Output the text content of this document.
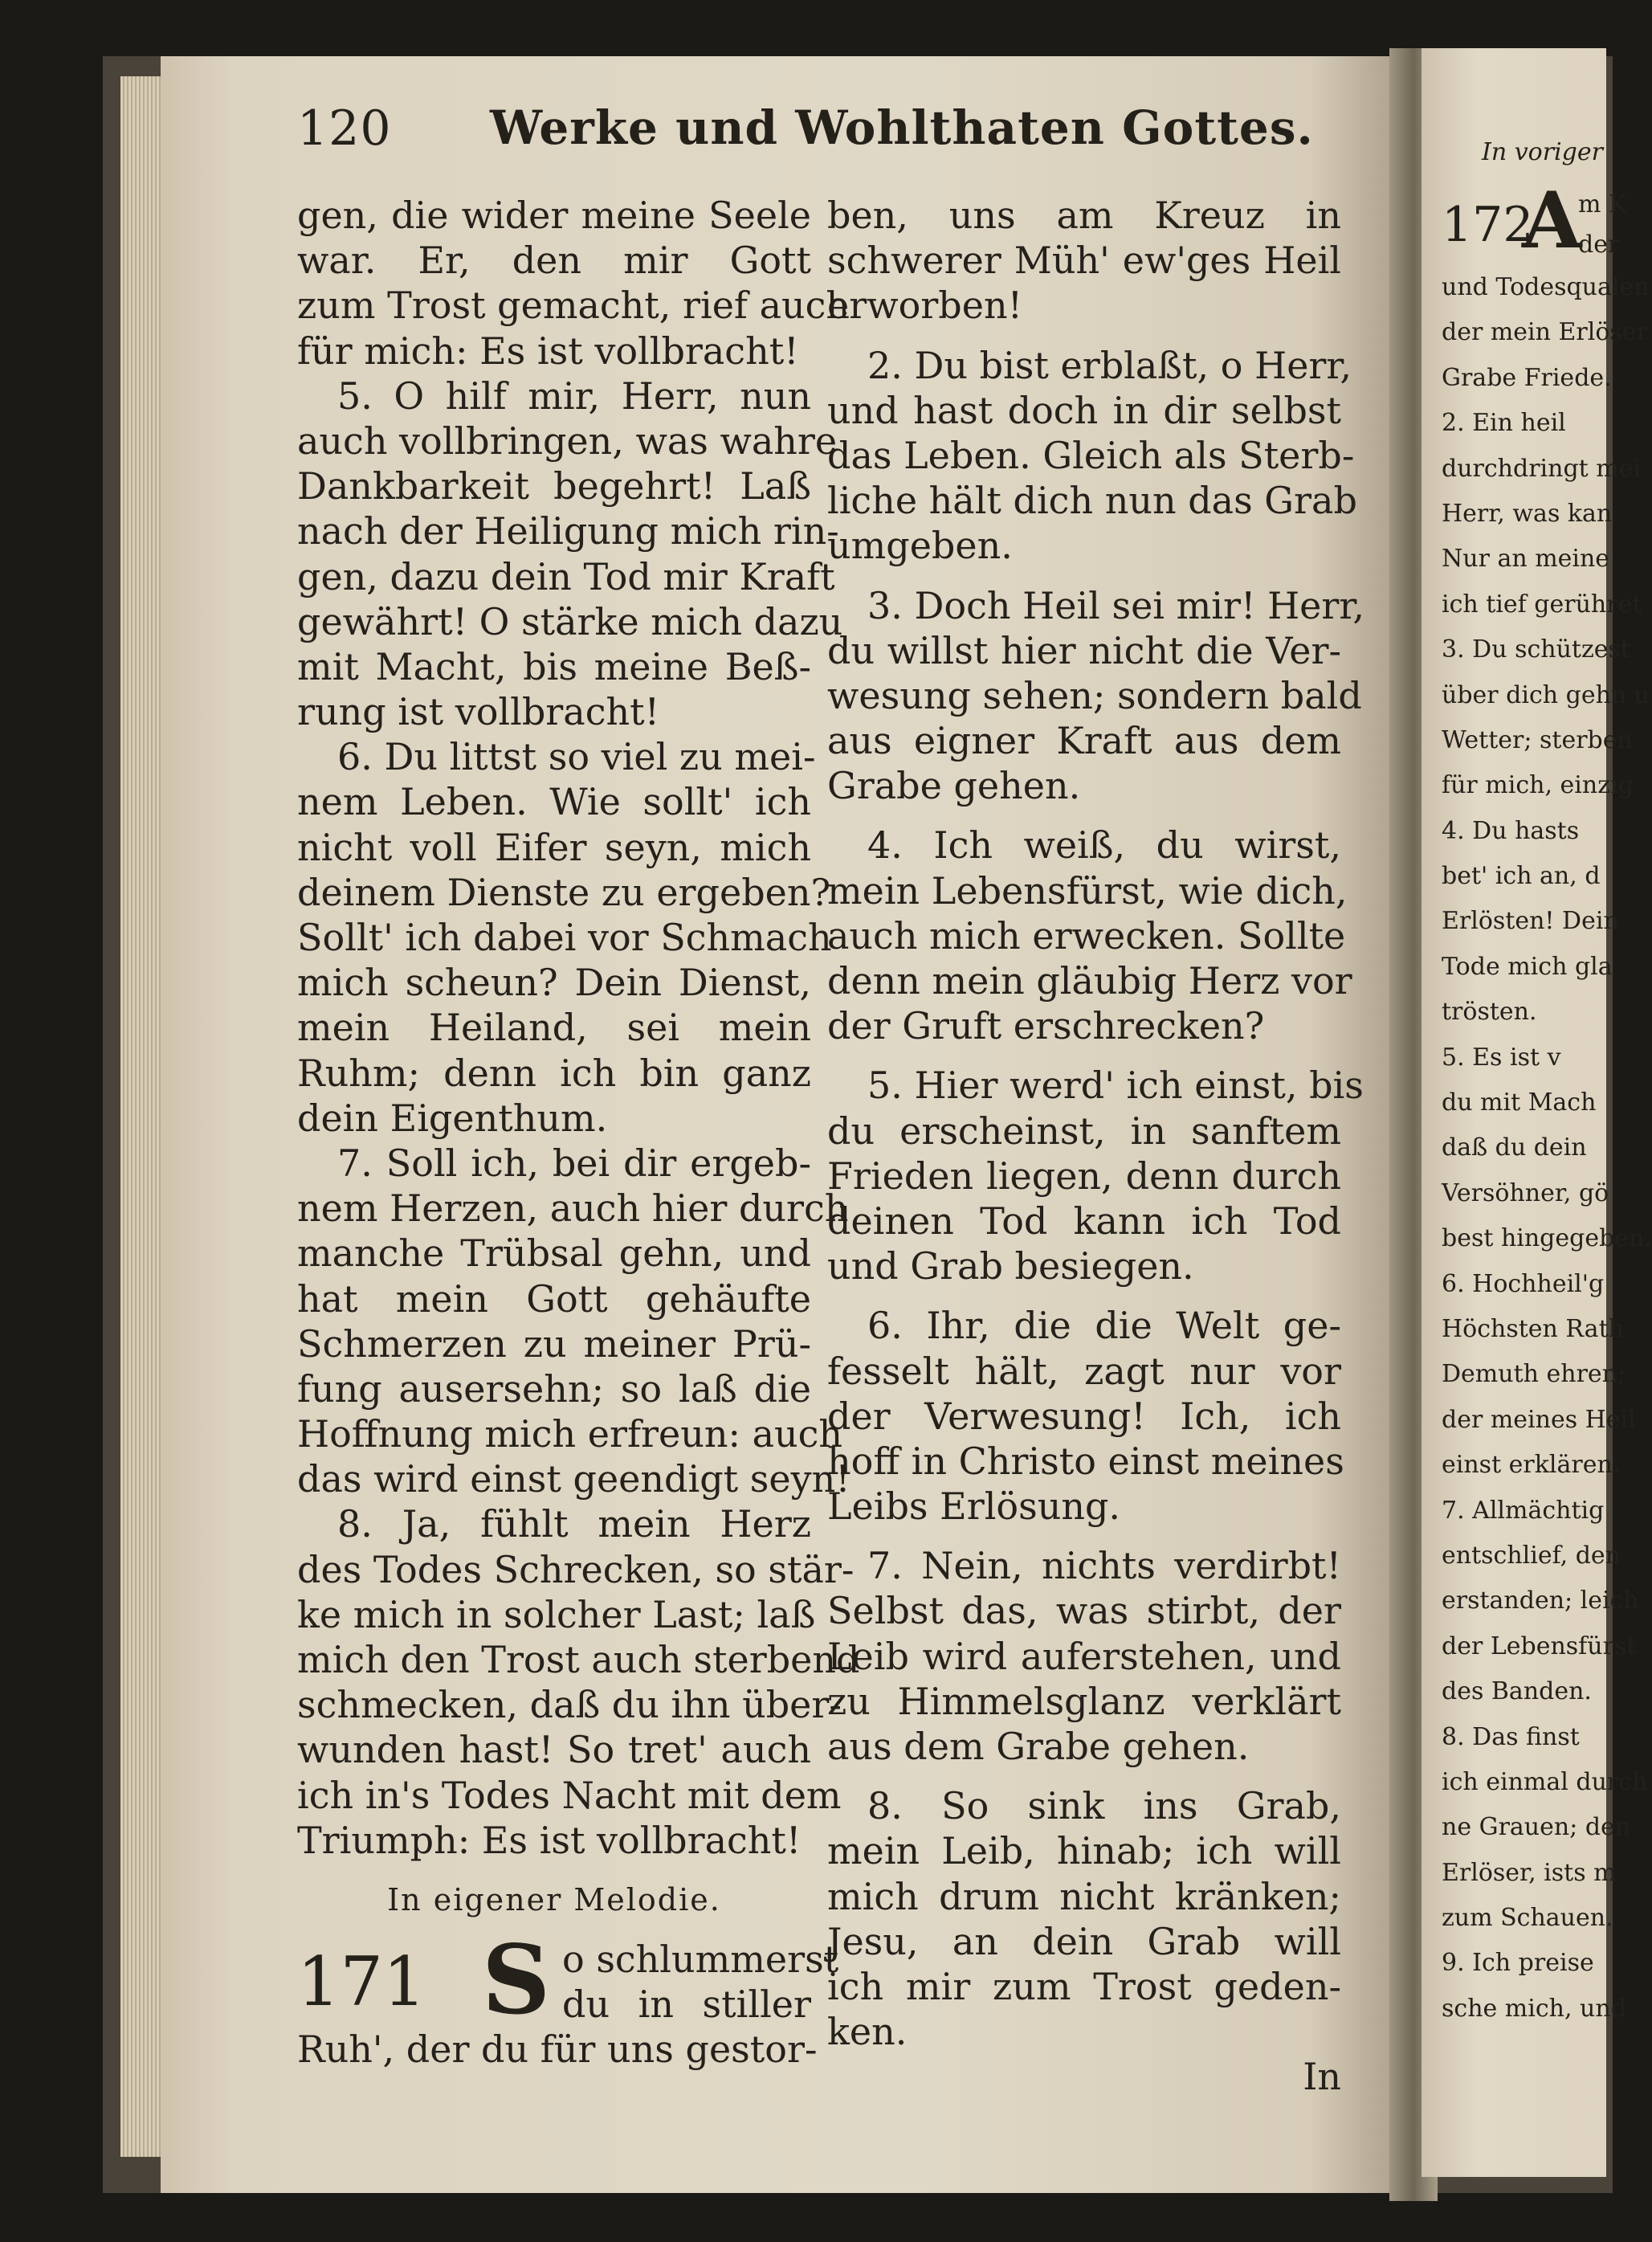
120 Werke und Wohlthaten Gottes.
gen, die wider meine Seele
war. Er, den mir Gott
zum Trost gemacht, rief auch
für mich: Es ist vollbracht!
5. O hilf mir, Herr, nun
auch vollbringen, was wahre
Dankbarkeit begehrt! Laß
nach der Heiligung mich rin-
gen, dazu dein Tod mir Kraft
gewährt! O stärke mich dazu
mit Macht, bis meine Beß-
rung ist vollbracht!
6. Du littst so viel zu mei-
nem Leben. Wie sollt' ich
nicht voll Eifer seyn, mich
deinem Dienste zu ergeben?
Sollt' ich dabei vor Schmach
mich scheun? Dein Dienst,
mein Heiland, sei mein
Ruhm; denn ich bin ganz
dein Eigenthum.
7. Soll ich, bei dir ergeb-
nem Herzen, auch hier durch
manche Trübsal gehn, und
hat mein Gott gehäufte
Schmerzen zu meiner Prü-
fung ausersehn; so laß die
Hoffnung mich erfreun: auch
das wird einst geendigt seyn!
8. Ja, fühlt mein Herz
des Todes Schrecken, so stär-
ke mich in solcher Last; laß
mich den Trost auch sterbend
schmecken, daß du ihn über-
wunden hast! So tret' auch
ich in's Todes Nacht mit dem
Triumph: Es ist vollbracht!
In eigener Melodie.
171 S o schlummerst
du in stiller
Ruh', der du für uns gestor-
ben, uns am Kreuz in
schwerer Müh' ew'ges Heil
erworben!
2. Du bist erblaßt, o Herr,
und hast doch in dir selbst
das Leben. Gleich als Sterb-
liche hält dich nun das Grab
umgeben.
3. Doch Heil sei mir! Herr,
du willst hier nicht die Ver-
wesung sehen; sondern bald
aus eigner Kraft aus dem
Grabe gehen.
4. Ich weiß, du wirst,
mein Lebensfürst, wie dich,
auch mich erwecken. Sollte
denn mein gläubig Herz vor
der Gruft erschrecken?
5. Hier werd' ich einst, bis
du erscheinst, in sanftem
Frieden liegen, denn durch
deinen Tod kann ich Tod
und Grab besiegen.
6. Ihr, die die Welt ge-
fesselt hält, zagt nur vor
der Verwesung! Ich, ich
hoff in Christo einst meines
Leibs Erlösung.
7. Nein, nichts verdirbt!
Selbst das, was stirbt, der
Leib wird auferstehen, und
zu Himmelsglanz verklärt
aus dem Grabe gehen.
8. So sink ins Grab,
mein Leib, hinab; ich will
mich drum nicht kränken;
Jesu, an dein Grab will
ich mir zum Trost geden-
ken.
In
In voriger
172
A
m K
der
und Todesqualen
der mein Erlöser
Grabe Friede.
2. Ein heil
durchdringt mei
Herr, was kan
Nur an meine
ich tief gerühret
3. Du schützest
über dich gehn u
Wetter; sterben
für mich, einzig
4. Du hasts
bet' ich an, d
Erlösten! Dein
Tode mich gla
trösten.
5. Es ist v
du mit Mach
daß du dein
Versöhner, gö
best hingegeben.
6. Hochheil'g
Höchsten Rath
Demuth ehren;
der meines Heil
einst erklären.
7. Allmächtig
entschlief, den
erstanden; leich
der Lebensfürst
des Banden.
8. Das finst
ich einmal durch
ne Grauen; den
Erlöser, ists m
zum Schauen.
9. Ich preise
sche mich, und
